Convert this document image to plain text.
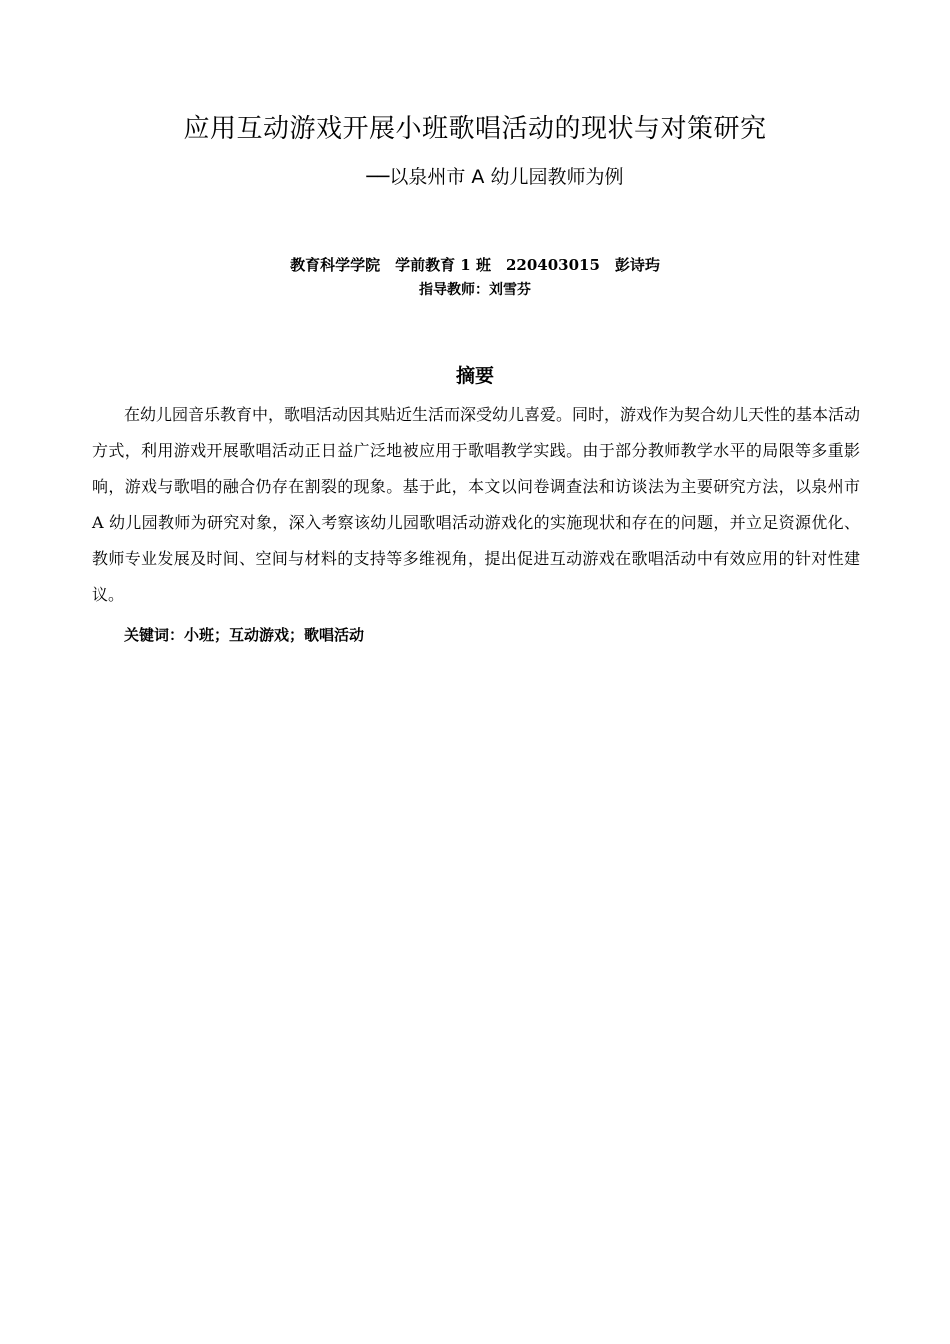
应用互动游戏开展小班歌唱活动的现状与对策研究
──以泉州市 A 幼儿园教师为例
教育科学学院　学前教育 1 班　220403015　彭诗玙
指导教师：刘雪芬
摘要

在幼儿园音乐教育中，歌唱活动因其贴近生活而深受幼儿喜爱。同时，游戏作为契合幼儿天性的基本活动方式，利用游戏开展歌唱活动正日益广泛地被应用于歌唱教学实践。由于部分教师教学水平的局限等多重影响，游戏与歌唱的融合仍存在割裂的现象。基于此，本文以问卷调查法和访谈法为主要研究方法，以泉州市 A 幼儿园教师为研究对象，深入考察该幼儿园歌唱活动游戏化的实施现状和存在的问题，并立足资源优化、教师专业发展及时间、空间与材料的支持等多维视角，提出促进互动游戏在歌唱活动中有效应用的针对性建议。

关键词：小班；互动游戏；歌唱活动
